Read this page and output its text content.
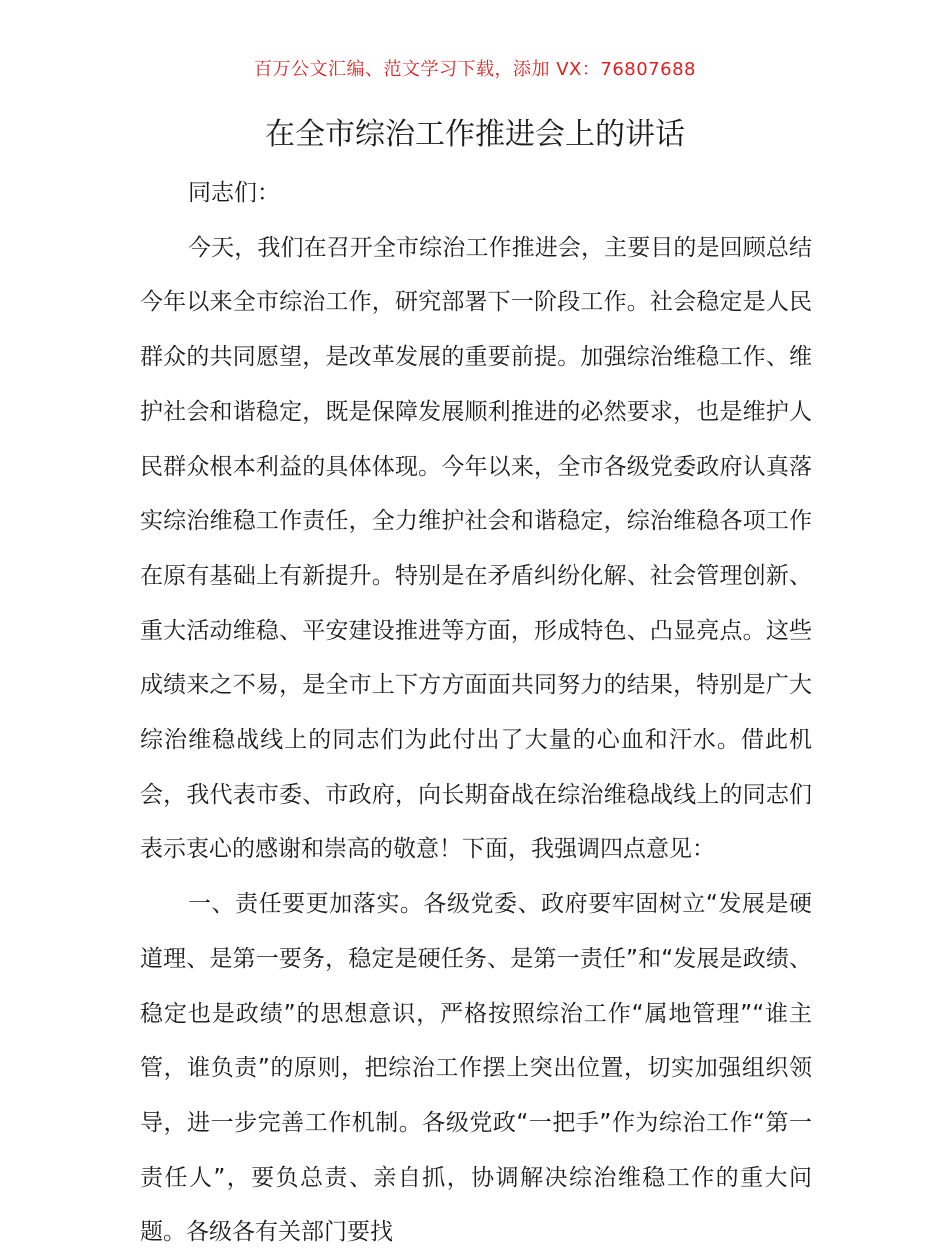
百万公文汇编、范文学习下载，添加 VX：76807688
在全市综治工作推进会上的讲话

同志们：

今天，我们在召开全市综治工作推进会，主要目的是回顾总结今年以来全市综治工作，研究部署下一阶段工作。社会稳定是人民群众的共同愿望，是改革发展的重要前提。加强综治维稳工作、维护社会和谐稳定，既是保障发展顺利推进的必然要求，也是维护人民群众根本利益的具体体现。今年以来，全市各级党委政府认真落实综治维稳工作责任，全力维护社会和谐稳定，综治维稳各项工作在原有基础上有新提升。特别是在矛盾纠纷化解、社会管理创新、重大活动维稳、平安建设推进等方面，形成特色、凸显亮点。这些成绩来之不易，是全市上下方方面面共同努力的结果，特别是广大综治维稳战线上的同志们为此付出了大量的心血和汗水。借此机会，我代表市委、市政府，向长期奋战在综治维稳战线上的同志们表示衷心的感谢和崇高的敬意！下面，我强调四点意见：

一、责任要更加落实。各级党委、政府要牢固树立“发展是硬道理、是第一要务，稳定是硬任务、是第一责任”和“发展是政绩、稳定也是政绩”的思想意识，严格按照综治工作“属地管理”“谁主管，谁负责”的原则，把综治工作摆上突出位置，切实加强组织领导，进一步完善工作机制。各级党政“一把手”作为综治工作“第一责任人”，要负总责、亲自抓，协调解决综治维稳工作的重大问题。各级各有关部门要找
